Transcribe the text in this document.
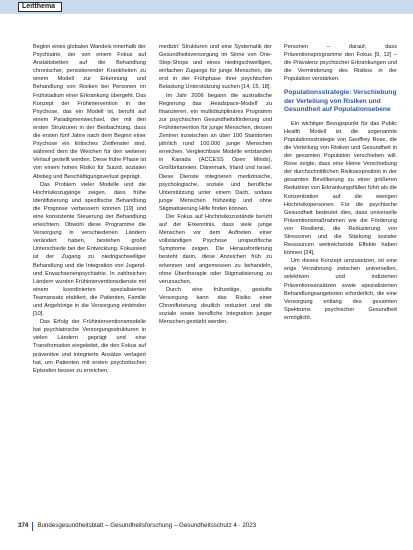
Leitthema

Beginn eines globalen Wandels innerhalb der Psychiatrie, der von einem Fokus auf Anstaltsbetten auf die Behandlung chronischer, persistierender Krankheiten zu einem Modell zur Erkennung und Behandlung von Risiken bei Personen im Frühstadium einer Erkrankung übergeht. Das Konzept der Frühintervention in der Psychose, das ein Modell ist, beruht auf einem Paradigmenwechsel, der mit den ersten Strukturen in der Beobachtung, dass die ersten fünf Jahre nach dem Beginn einer Psychose ein kritisches Zeitfenster sind, während dem die Weichen für den weiteren Verlauf gestellt werden. Diese frühe Phase ist von einem hohen Risiko für Suizid, sozialen Abstieg und Beschäftigungsverlust geprägt.

Das Problem vieler Modelle und die Hochrisikozugänge zeigen, dass frühe Identifizierung und spezifische Behandlung die Prognose verbessern können [19] und eine konsistente Steuerung der Behandlung erleichtern. Obwohl diese Programme die Versorgung in verschiedenen Ländern verändert haben, bestehen große Unterschiede bei der Entwicklung. Fokussiert ist der Zugang zu niedrigschwelliger Behandlung und die Integration von Jugend- und Erwachsenenpsychiatrie. In zahlreichen Ländern wurden Frühinterventionsdienste mit einem koordinierten spezialisierten Teamansatz etabliert, die Patienten, Familie und Angehörige in die Versorgung einbinden [10].

Das Erfolg der Frühinterventionsmodelle hat psychiatrische Versorgungsstrukturen in vielen Ländern geprägt und eine Transformation eingeleitet, die den Fokus auf präventive und integrierte Ansätze verlagert hat, um Patienten mit ersten psychotischen Episoden besser zu erreichen.

medizin‘ Strukturen und eine Systematik der Gesundheitsversorgung im Sinne von One-Stop-Shops und eines niedrigschwelligen, einfachen Zugangs für junge Menschen, die erst in der Frühphase ihrer psychischen Belastung Unterstützung suchen [14, 15, 18].

Im Jahr 2006 begann die australische Regierung das ‚Headspace-Modell‘ zu finanzieren, ein multidisziplinäres Programm zur psychischen Gesundheitsförderung und Frühintervention für junge Menschen, dessen Zentren inzwischen an über 100 Standorten jährlich rund 100.000 junge Menschen erreichen. Vergleichbare Modelle entstanden in Kanada (ACCESS Open Minds), Großbritannien, Dänemark, Irland und Israel. Diese Dienste integrieren medizinische, psychologische, soziale und berufliche Unterstützung unter einem Dach, sodass junge Menschen frühzeitig und ohne Stigmatisierung Hilfe finden können.

Der Fokus auf Hochrisikozustände beruht auf der Erkenntnis, dass viele junge Menschen vor dem Auftreten einer vollständigen Psychose unspezifische Symptome zeigen. Die Herausforderung besteht darin, diese Anzeichen früh zu erkennen und angemessen zu behandeln, ohne Übertherapie oder Stigmatisierung zu verursachen.

Durch eine frühzeitige, gestufte Versorgung kann das Risiko einer Chronifizierung deutlich reduziert und die soziale sowie berufliche Integration junger Menschen gestärkt werden.

Personen – darauf, dass Präventionsprogramme den Fokus [9, 12] – die Prävalenz psychischer Erkrankungen und die Verminderung des Risikos in der Population verstärken.

Populationsstrategie: Verschiebung der Verteilung von Risiken und Gesundheit auf Populationsebene

Ein wichtiger Bezugspunkt für das Public Health Modell ist die sogenannte Populationsstrategie von Geoffrey Rose, die die Verteilung von Risiken und Gesundheit in der gesamten Population verschieben will. Rose zeigte, dass eine kleine Verschiebung der durchschnittlichen Risikoexposition in der gesamten Bevölkerung zu einer größeren Reduktion von Erkrankungsfällen führt als die Konzentration auf die wenigen Hochrisikopersonen. Für die psychische Gesundheit bedeutet dies, dass universelle Präventionsmaßnahmen wie die Förderung von Resilienz, die Reduzierung von Stressoren und die Stärkung sozialer Ressourcen weitreichende Effekte haben können [24].

Um dieses Konzept umzusetzen, ist eine enge Verzahnung zwischen universellen, selektiven und indizierten Präventionsansätzen sowie spezialisierten Behandlungsangeboten erforderlich, die eine Versorgung entlang des gesamten Spektrums psychischer Gesundheit ermöglicht.

374 Bundesgesundheitsblatt – Gesundheitsforschung – Gesundheitsschutz 4 · 2023
